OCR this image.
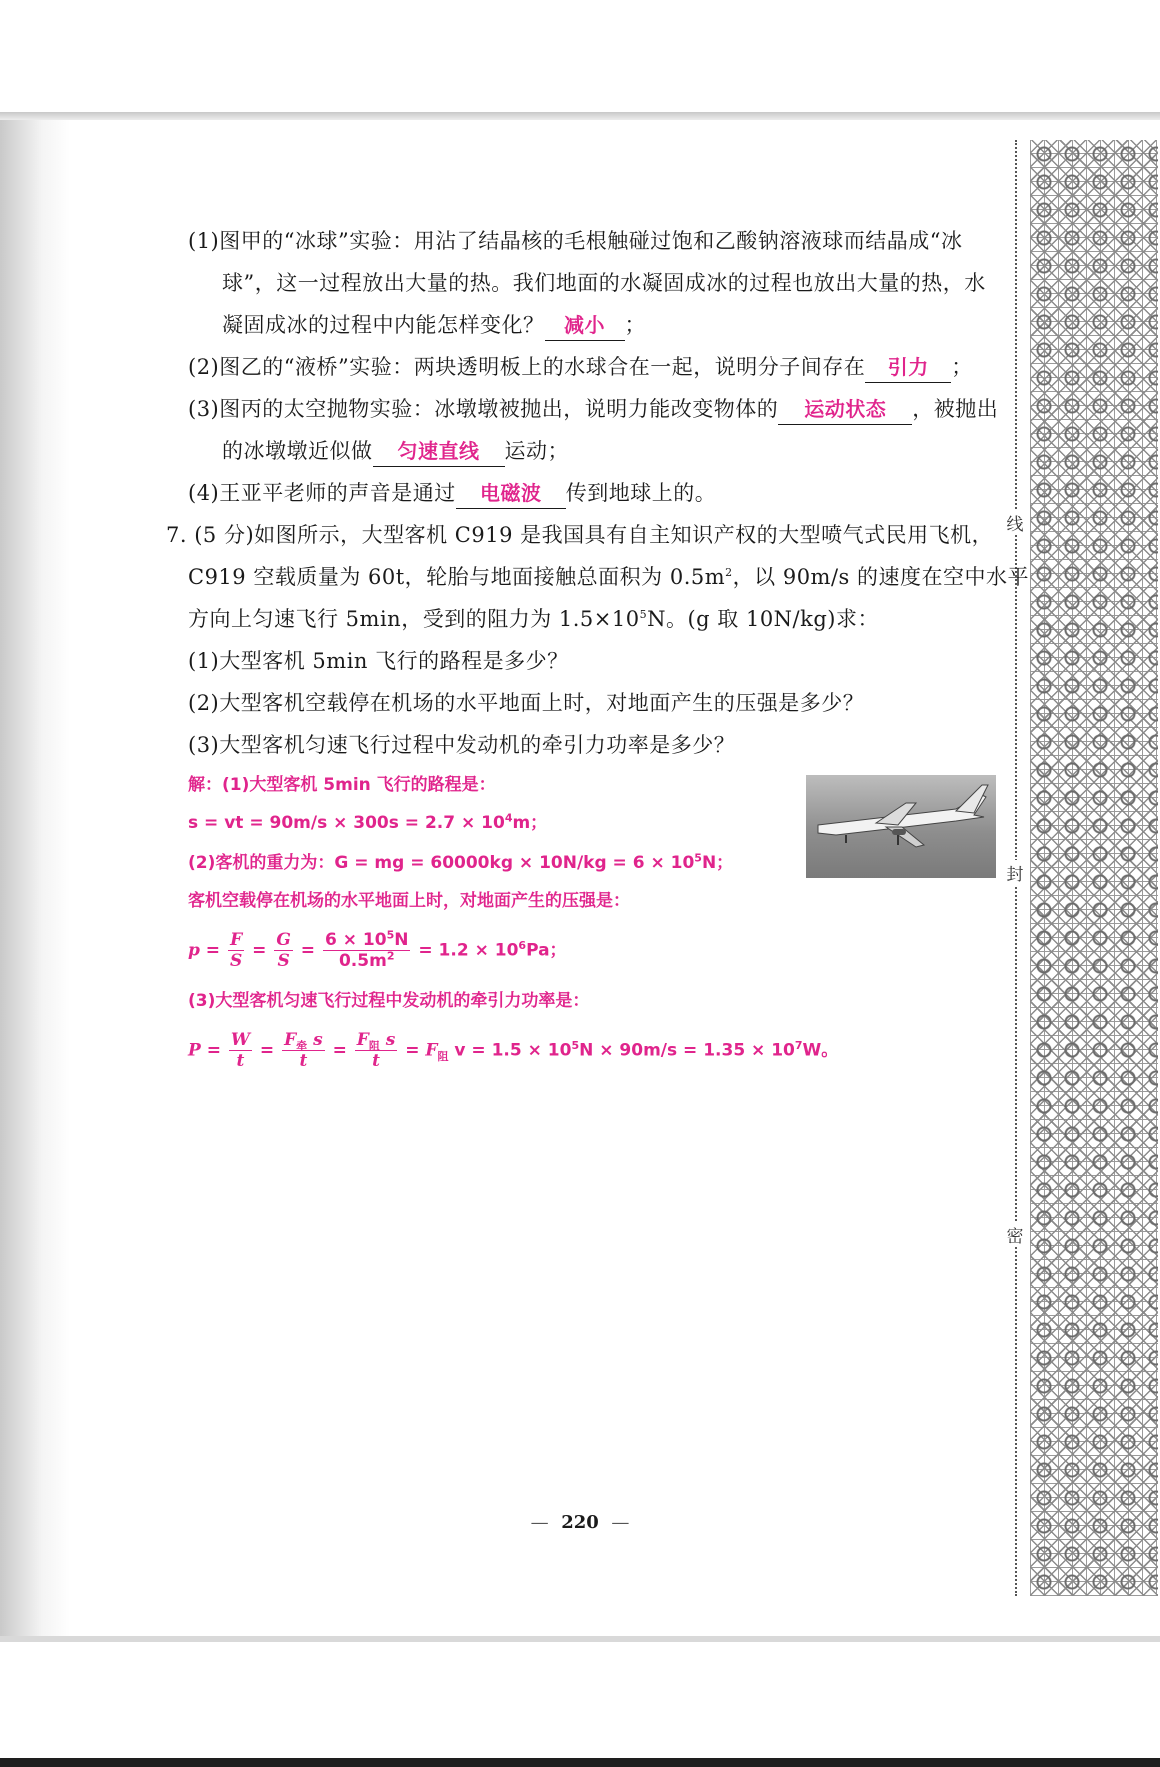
线
封
密
(1)图甲的“冰球”实验：用沾了结晶核的毛根触碰过饱和乙酸钠溶液球而结晶成“冰
球”，这一过程放出大量的热。我们地面的水凝固成冰的过程也放出大量的热，水
凝固成冰的过程中内能怎样变化？ 减小 ；
(2)图乙的“液桥”实验：两块透明板上的水球合在一起，说明分子间存在 引力 ；
(3)图丙的太空抛物实验：冰墩墩被抛出，说明力能改变物体的 运动状态 ，被抛出
的冰墩墩近似做 匀速直线 运动；
(4)王亚平老师的声音是通过 电磁波 传到地球上的。
7. (5 分)如图所示，大型客机 C919 是我国具有自主知识产权的大型喷气式民用飞机，
C919 空载质量为 60t，轮胎与地面接触总面积为 $0.5m^2$，以 90m/s 的速度在空中水平
方向上匀速飞行 5min，受到的阻力为 $1.5\times 10^5N$。(g 取 10N/kg)求：
(1)大型客机 5min 飞行的路程是多少？
(2)大型客机空载停在机场的水平地面上时，对地面产生的压强是多少？
(3)大型客机匀速飞行过程中发动机的牵引力功率是多少？
解：(1)大型客机 5min 飞行的路程是：
s = vt = $90m/s \times 300s = 2.7 \times 10^4m$；
(2)客机的重力为：G = mg = $60000kg \times 10N/kg = 6 \times 10^5N$；
客机空载停在机场的水平地面上时，对地面产生的压强是：
$p = \frac{F}{S} = \frac{G}{S} = \frac{6 \times 10^5N}{0.5m^2} = 1.2 \times 10^6Pa$；
(3)大型客机匀速飞行过程中发动机的牵引力功率是：
$P = \frac{W}{t} = \frac{F_牵 s}{t} = \frac{F_阻 s}{t} = F_阻$ $v = 1.5 \times 10^5N \times 90m/s = 1.35 \times 10^7W$。
— 220 —
